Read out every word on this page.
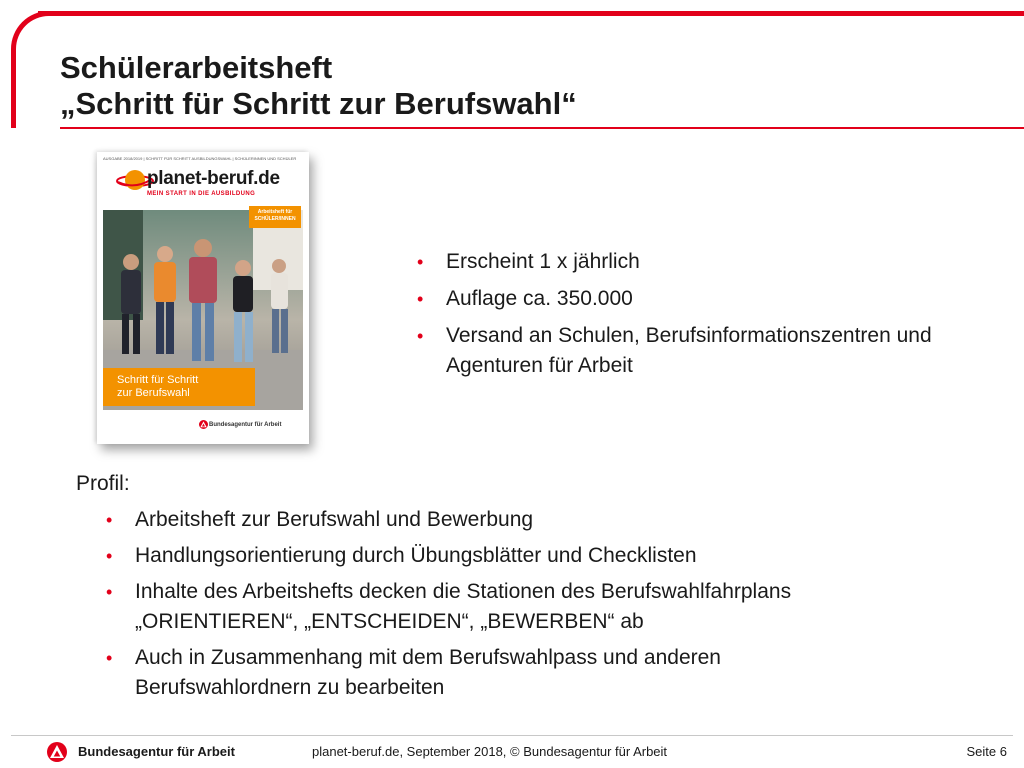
Schülerarbeitsheft
„Schritt für Schritt zur Berufswahl“
AUSGABE 2018/2019 | SCHRITT FÜR SCHRITT AUSBILDUNGSWAHL | SCHÜLERINNEN UND SCHÜLER
planet-beruf.de
MEIN START IN DIE AUSBILDUNG
Arbeitsheft für
SCHÜLER/INNEN
Schritt für Schritt
zur Berufswahl
Bundesagentur für Arbeit
• Erscheint 1 x jährlich
• Auflage ca. 350.000
• Versand an Schulen, Berufsinformationszentren und Agenturen für Arbeit
Profil:
• Arbeitsheft zur Berufswahl und Bewerbung
• Handlungsorientierung durch Übungsblätter und Checklisten
• Inhalte des Arbeitshefts decken die Stationen des Berufswahlfahrplans „ORIENTIEREN“, „ENTSCHEIDEN“, „BEWERBEN“ ab
• Auch in Zusammenhang mit dem Berufswahlpass und anderen Berufswahlordnern zu bearbeiten
Bundesagentur für Arbeit	planet-beruf.de, September 2018, © Bundesagentur für Arbeit	Seite 6
